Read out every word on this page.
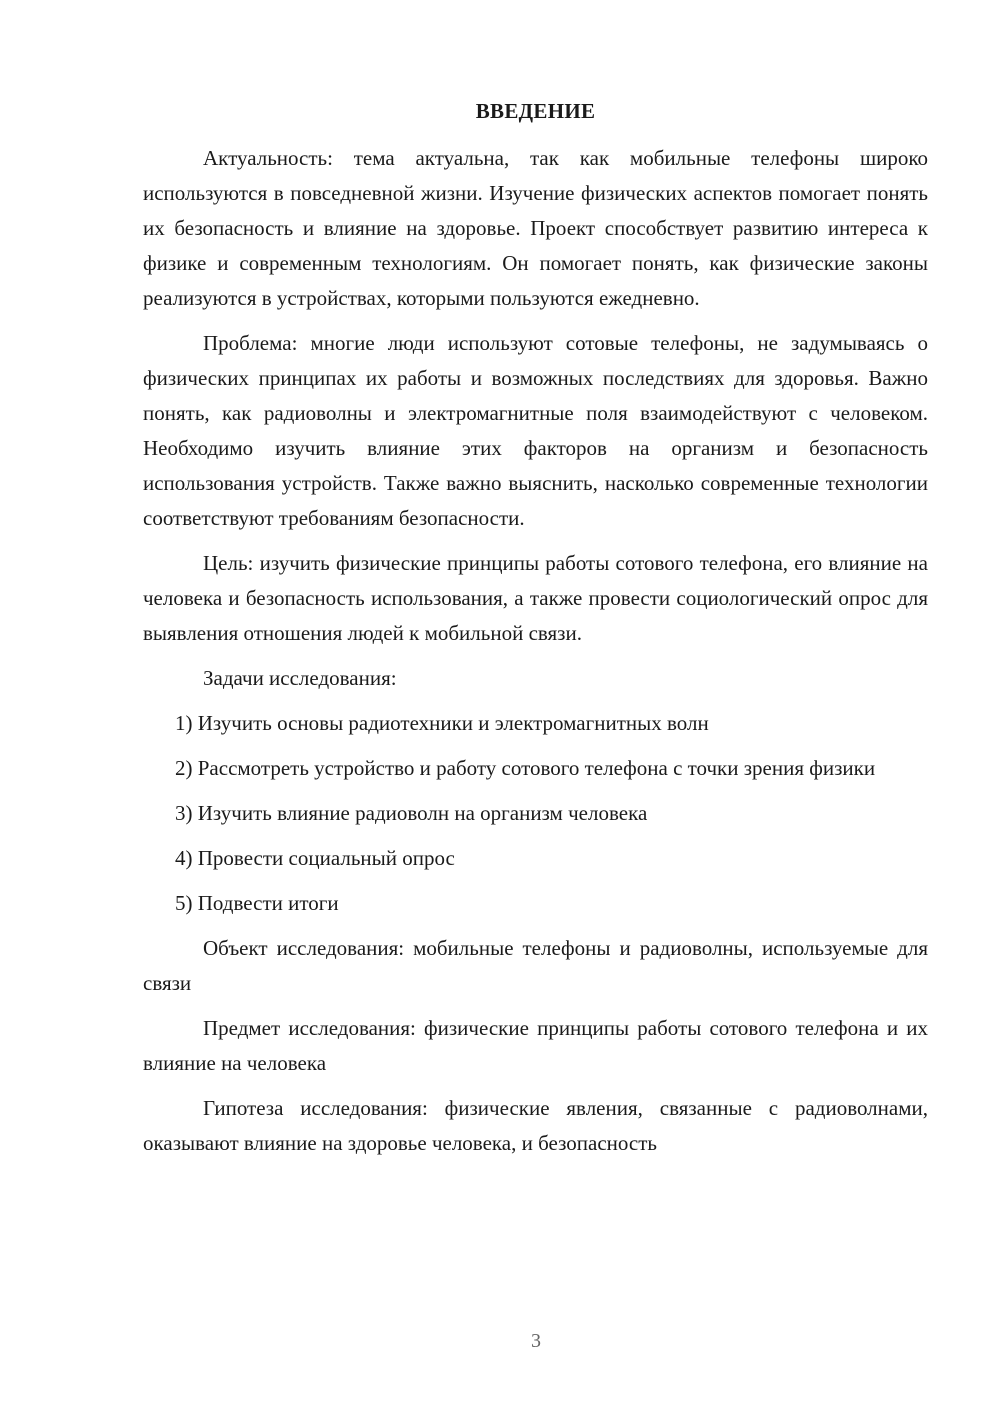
ВВЕДЕНИЕ

Актуальность: тема актуальна, так как мобильные телефоны широко используются в повседневной жизни. Изучение физических аспектов помогает понять их безопасность и влияние на здоровье. Проект способствует развитию интереса к физике и современным технологиям. Он помогает понять, как физические законы реализуются в устройствах, которыми пользуются ежедневно.

Проблема: многие люди используют сотовые телефоны, не задумываясь о физических принципах их работы и возможных последствиях для здоровья. Важно понять, как радиоволны и электромагнитные поля взаимодействуют с человеком. Необходимо изучить влияние этих факторов на организм и безопасность использования устройств. Также важно выяснить, насколько современные технологии соответствуют требованиям безопасности.

Цель: изучить физические принципы работы сотового телефона, его влияние на человека и безопасность использования, а также провести социологический опрос для выявления отношения людей к мобильной связи.

Задачи исследования:

1) Изучить основы радиотехники и электромагнитных волн

2) Рассмотреть устройство и работу сотового телефона с точки зрения физики

3) Изучить влияние радиоволн на организм человека

4) Провести социальный опрос

5) Подвести итоги

Объект исследования: мобильные телефоны и радиоволны, используемые для связи

Предмет исследования: физические принципы работы сотового телефона и их влияние на человека

Гипотеза исследования: физические явления, связанные с радиоволнами, оказывают влияние на здоровье человека, и безопасность

3
